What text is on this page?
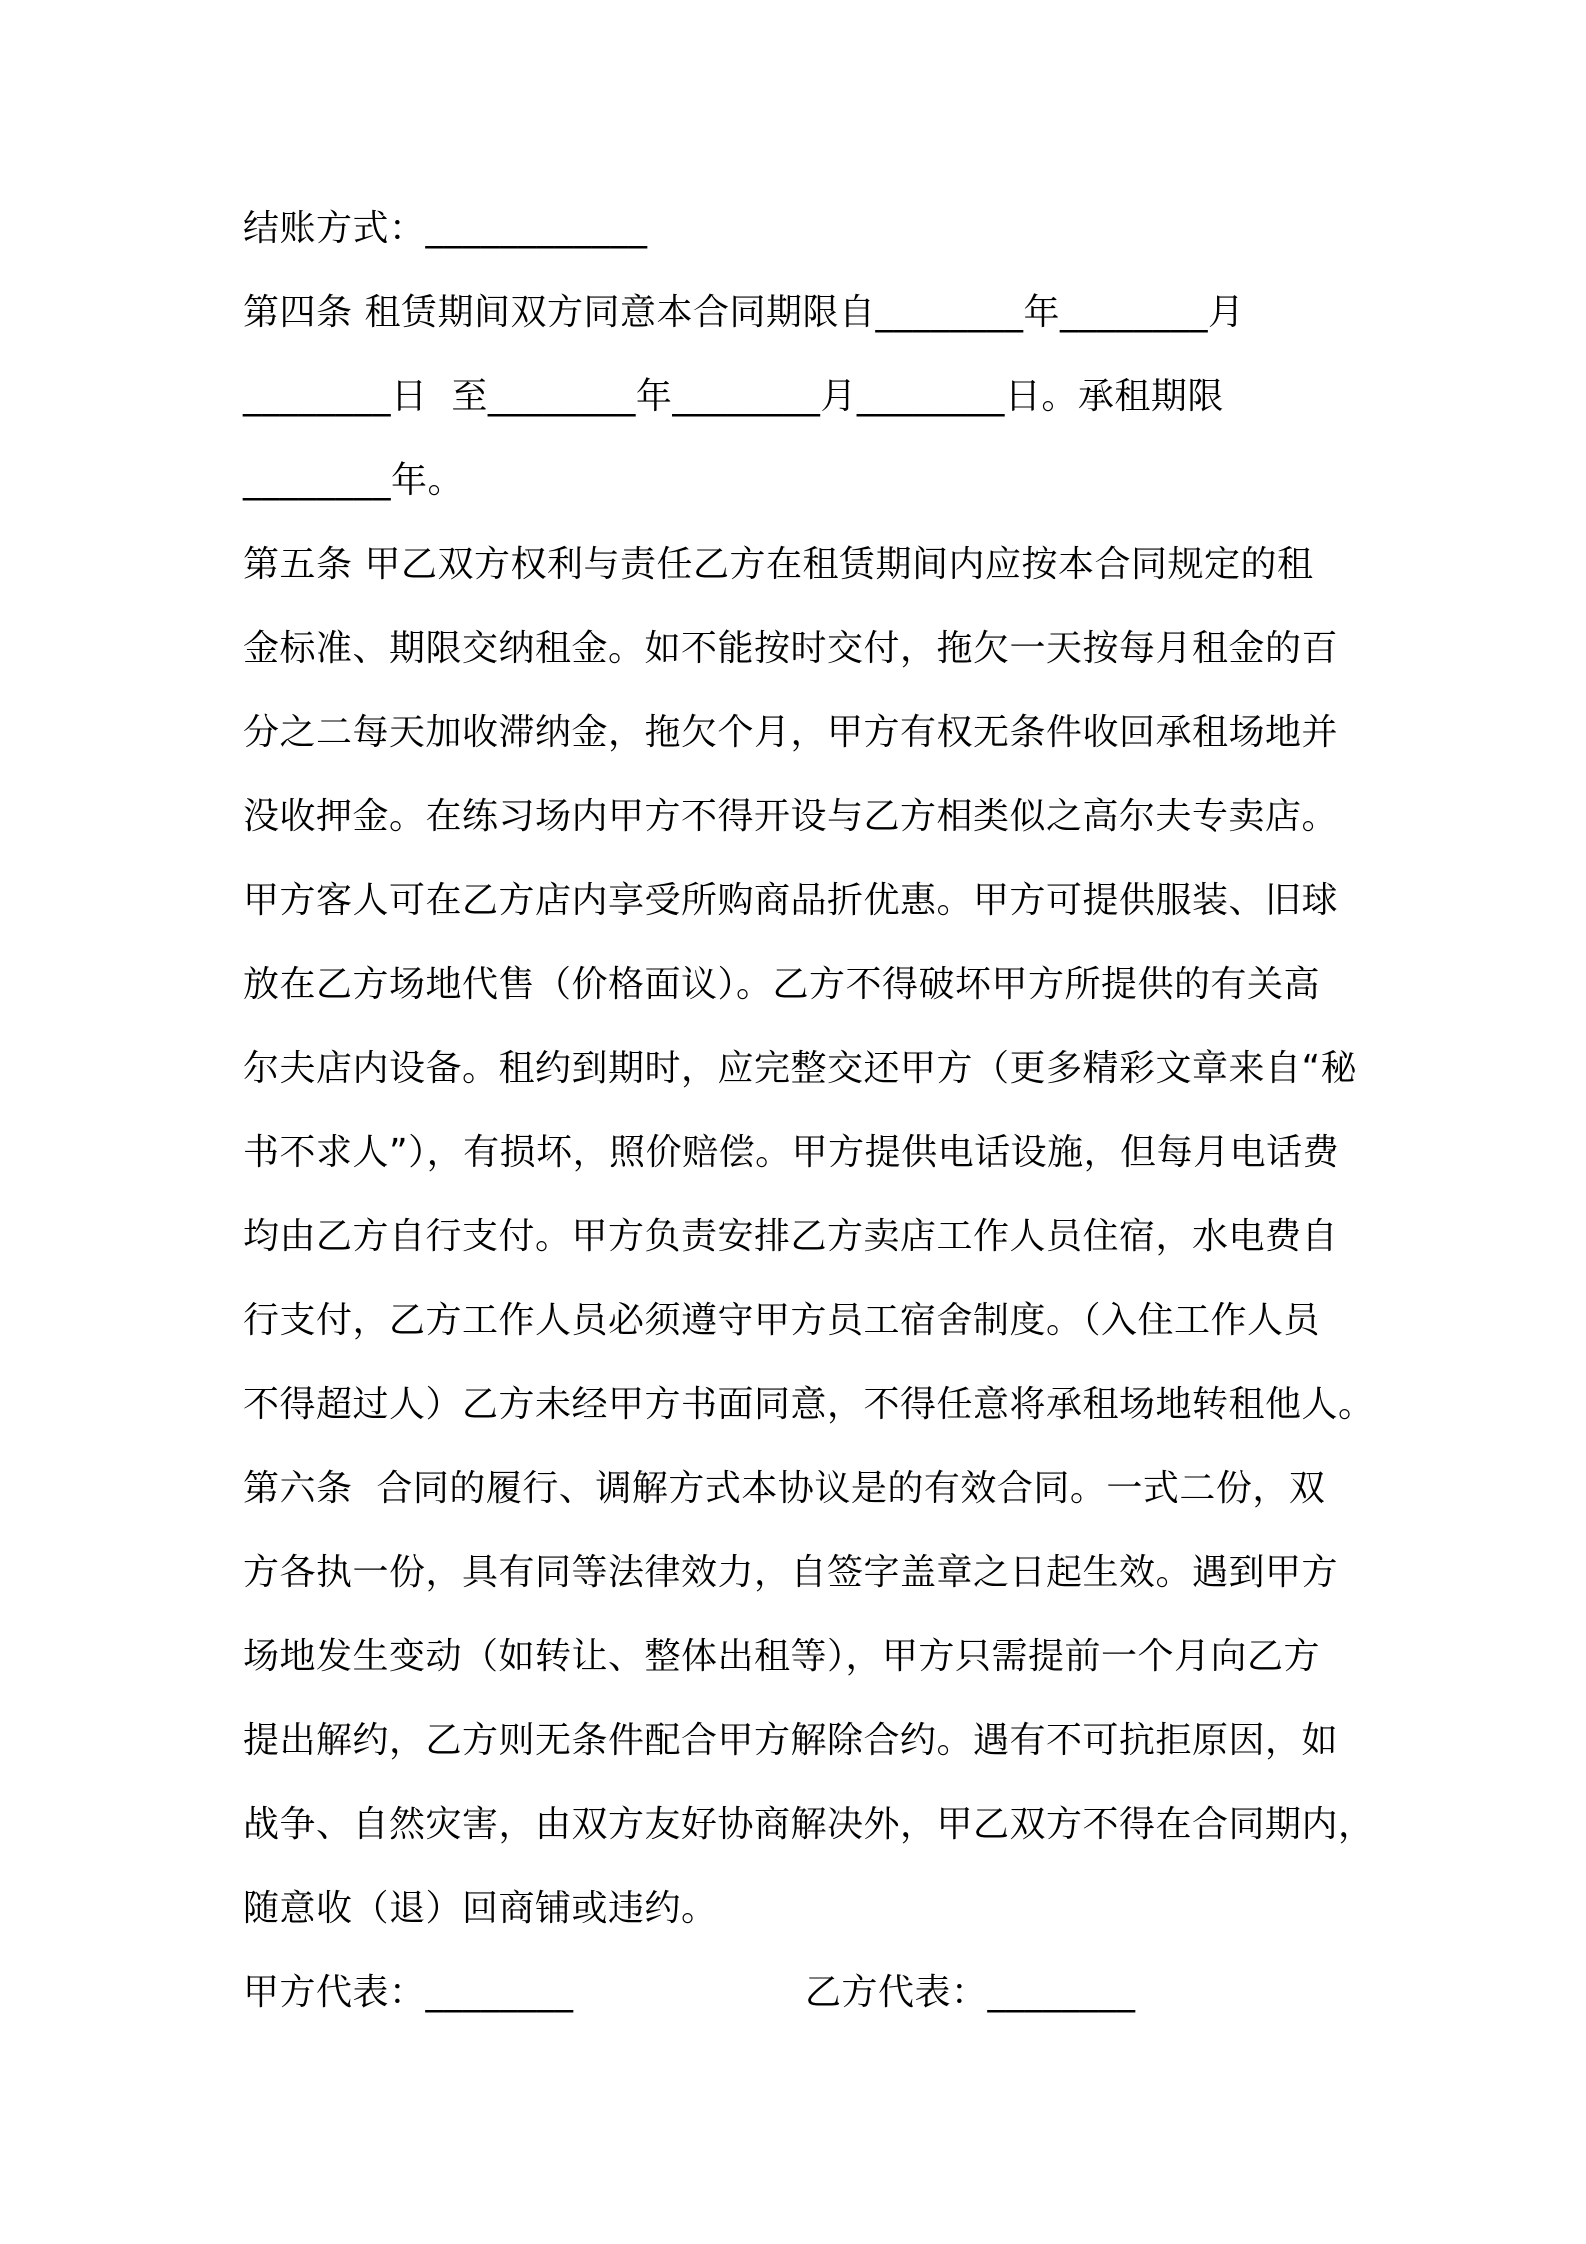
结账方式：____________
第四条 租赁期间双方同意本合同期限自________年________月
________日  至________年________月________日。承租期限
________年。
第五条 甲乙双方权利与责任乙方在租赁期间内应按本合同规定的租
金标准、期限交纳租金。如不能按时交付，拖欠一天按每月租金的百
分之二每天加收滞纳金，拖欠个月，甲方有权无条件收回承租场地并
没收押金。在练习场内甲方不得开设与乙方相类似之高尔夫专卖店。
甲方客人可在乙方店内享受所购商品折优惠。甲方可提供服装、旧球
放在乙方场地代售（价格面议）。乙方不得破坏甲方所提供的有关高
尔夫店内设备。租约到期时，应完整交还甲方（更多精彩文章来自“秘
书不求人”），有损坏，照价赔偿。甲方提供电话设施，但每月电话费
均由乙方自行支付。甲方负责安排乙方卖店工作人员住宿，水电费自
行支付，乙方工作人员必须遵守甲方员工宿舍制度。（入住工作人员
不得超过人）乙方未经甲方书面同意，不得任意将承租场地转租他人。
第六条  合同的履行、调解方式本协议是的有效合同。一式二份，双
方各执一份，具有同等法律效力，自签字盖章之日起生效。遇到甲方
场地发生变动（如转让、整体出租等），甲方只需提前一个月向乙方
提出解约，乙方则无条件配合甲方解除合约。遇有不可抗拒原因，如
战争、自然灾害，由双方友好协商解决外，甲乙双方不得在合同期内，
随意收（退）回商铺或违约。
甲方代表：________	乙方代表：________
